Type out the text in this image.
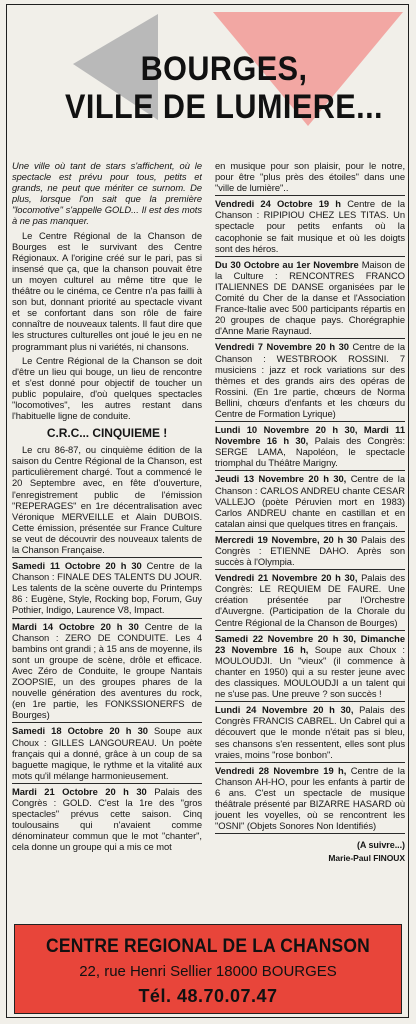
BOURGES,
VILLE DE LUMIERE...

Une ville où tant de stars s'affichent, où le spectacle est prévu pour tous, petits et grands, ne peut que mériter ce surnom. De plus, lorsque l'on sait que la première "locomotive" s'appelle GOLD... Il est des mots à ne pas manquer.

Le Centre Régional de la Chanson de Bourges est le survivant des Centre Régionaux. A l'origine créé sur le pari, pas si insensé que ça, que la chanson pouvait être un moyen culturel au même titre que le théâtre ou le cinéma, ce Centre n'a pas failli à son but, donnant priorité au spectacle vivant et se confortant dans son rôle de faire connaître de nouveaux talents. Il faut dire que les structures culturelles ont joué le jeu en ne programmant plus ni variétés, ni chansons.

Le Centre Régional de la Chanson se doit d'être un lieu qui bouge, un lieu de rencontre et s'est donné pour objectif de toucher un public populaire, d'où quelques spectacles "locomotives", les autres restant dans l'habituelle ligne de conduite.

C.R.C... CINQUIEME !

Le cru 86-87, ou cinquième édition de la saison du Centre Régional de la Chanson, est particulièrement chargé. Tout a commencé le 20 Septembre avec, en fête d'ouverture, l'enregistrement public de l'émission "REPERAGES" en 1re décentralisation avec Véronique MERVEILLE et Alain DUBOIS. Cette émission, présentée sur France Culture se veut de découvrir des nouveaux talents de la Chanson Française.

Samedi 11 Octobre 20 h 30 Centre de la Chanson : FINALE DES TALENTS DU JOUR. Les talents de la scène ouverte du Printemps 86 : Eugène, Style, Rocking bop, Forum, Guy Pothier, Indigo, Laurence V8, Impact.

Mardi 14 Octobre 20 h 30 Centre de la Chanson : ZERO DE CONDUITE. Les 4 bambins ont grandi ; à 15 ans de moyenne, ils sont un groupe de scène, drôle et efficace. Avec Zéro de Conduite, le groupe Nantais ZOOPSIE, un des groupes phares de la nouvelle génération des aventures du rock, (en 1re partie, les FONKSSIONERFS de Bourges)

Samedi 18 Octobre 20 h 30 Soupe aux Choux : GILLES LANGOUREAU. Un poète français qui a donné, grâce à un coup de sa baguette magique, le rythme et la vitalité aux mots qu'il mélange harmonieusement.

Mardi 21 Octobre 20 h 30 Palais des Congrès : GOLD. C'est la 1re des "gros spectacles" prévus cette saison. Cinq toulousains qui n'avaient comme dénominateur commun que le mot "chanter", cela donne un groupe qui a mis ce mot

en musique pour son plaisir, pour le notre, pour être "plus près des étoiles" dans une "ville de lumière"..

Vendredi 24 Octobre 19 h Centre de la Chanson : RIPIPIOU CHEZ LES TITAS. Un spectacle pour petits enfants où la cacophonie se fait musique et où les doigts sont des héros.

Du 30 Octobre au 1er Novembre Maison de la Culture : RENCONTRES FRANCO ITALIENNES DE DANSE organisées par le Comité du Cher de la danse et l'Association France-Italie avec 500 participants répartis en 20 groupes de chaque pays. Chorégraphie d'Anne Marie Raynaud.

Vendredi 7 Novembre 20 h 30 Centre de la Chanson : WESTBROOK ROSSINI. 7 musiciens : jazz et rock variations sur des thèmes et des grands airs des opéras de Rossini. (En 1re partie, chœurs de Norma Bellini, chœurs d'enfants et les chœurs du Centre de Formation Lyrique)

Lundi 10 Novembre 20 h 30, Mardi 11 Novembre 16 h 30, Palais des Congrès: SERGE LAMA, Napoléon, le spectacle triomphal du Théâtre Marigny.

Jeudi 13 Novembre 20 h 30, Centre de la Chanson : CARLOS ANDREU chante CESAR VALLEJO (poète Péruvien mort en 1983) Carlos ANDREU chante en castillan et en catalan ainsi que quelques titres en français.

Mercredi 19 Novembre, 20 h 30 Palais des Congrès : ETIENNE DAHO. Après son succès à l'Olympia.

Vendredi 21 Novembre 20 h 30, Palais des Congrès: LE REQUIEM DE FAURE. Une création présentée par l'Orchestre d'Auvergne. (Participation de la Chorale du Centre Régional de la Chanson de Bourges)

Samedi 22 Novembre 20 h 30, Dimanche 23 Novembre 16 h, Soupe aux Choux : MOULOUDJI. Un "vieux" (il commence à chanter en 1950) qui a su rester jeune avec des classiques. MOULOUDJI a un talent qui ne s'use pas. Une preuve ? son succès !

Lundi 24 Novembre 20 h 30, Palais des Congrès FRANCIS CABREL. Un Cabrel qui a découvert que le monde n'était pas si bleu, ses chansons s'en ressentent, elles sont plus vraies, moins "rose bonbon".

Vendredi 28 Novembre 19 h, Centre de la Chanson AH-HO, pour les enfants à partir de 6 ans. C'est un spectacle de musique théâtrale présenté par BIZARRE HASARD où jouent les voyelles, où se rencontrent les "OSNI" (Objets Sonores Non Identifiés)

(A suivre...)
Marie-Paul FINOUX
CENTRE REGIONAL DE LA CHANSON
22, rue Henri Sellier 18000 BOURGES
Tél. 48.70.07.47
